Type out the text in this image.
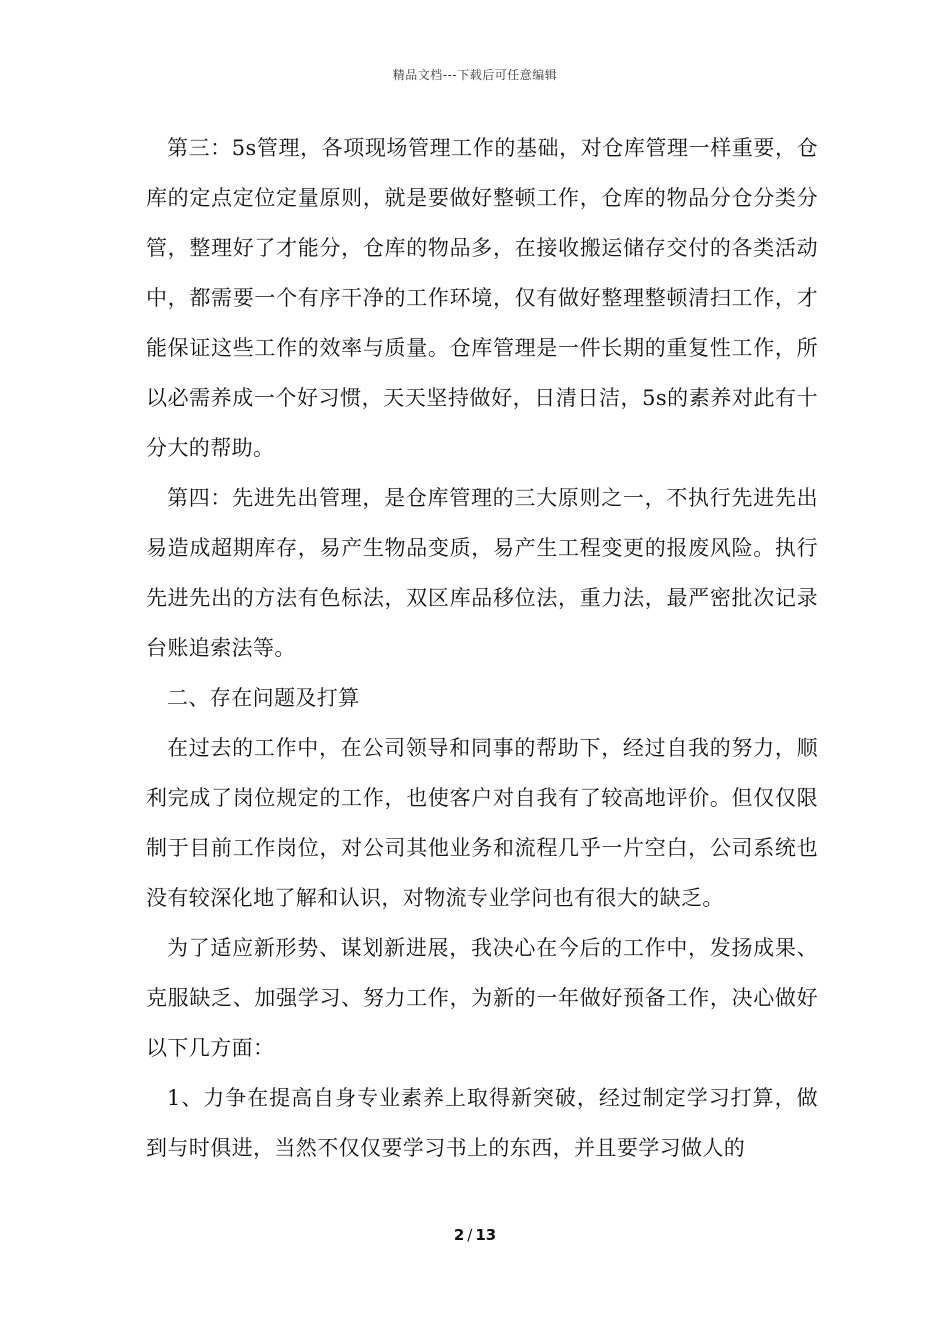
精品文档---下载后可任意编辑

第三：5s管理，各项现场管理工作的基础，对仓库管理一样重要，仓库的定点定位定量原则，就是要做好整顿工作，仓库的物品分仓分类分管，整理好了才能分，仓库的物品多，在接收搬运储存交付的各类活动中，都需要一个有序干净的工作环境，仅有做好整理整顿清扫工作，才能保证这些工作的效率与质量。仓库管理是一件长期的重复性工作，所以必需养成一个好习惯，天天坚持做好，日清日洁，5s的素养对此有十分大的帮助。

第四：先进先出管理，是仓库管理的三大原则之一，不执行先进先出易造成超期库存，易产生物品变质，易产生工程变更的报废风险。执行先进先出的方法有色标法，双区库品移位法，重力法，最严密批次记录台账追索法等。

二、存在问题及打算

在过去的工作中，在公司领导和同事的帮助下，经过自我的努力，顺利完成了岗位规定的工作，也使客户对自我有了较高地评价。但仅仅限制于目前工作岗位，对公司其他业务和流程几乎一片空白，公司系统也没有较深化地了解和认识，对物流专业学问也有很大的缺乏。

为了适应新形势、谋划新进展，我决心在今后的工作中，发扬成果、克服缺乏、加强学习、努力工作，为新的一年做好预备工作，决心做好以下几方面：

1、力争在提高自身专业素养上取得新突破，经过制定学习打算，做到与时俱进，当然不仅仅要学习书上的东西，并且要学习做人的

2 / 13
